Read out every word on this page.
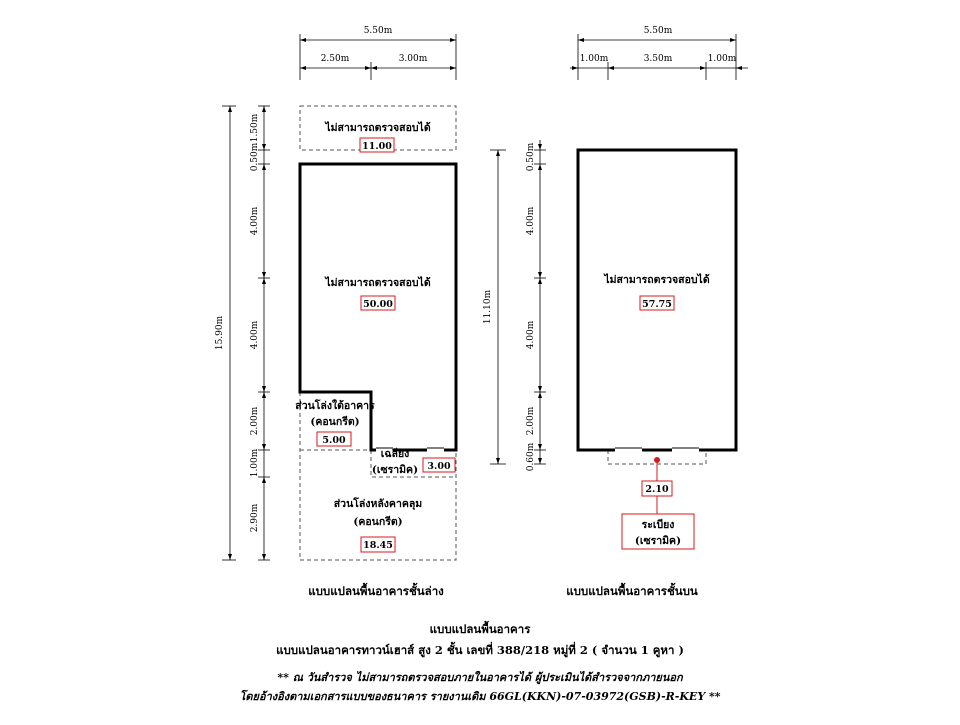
5.50m
2.50m	3.00m
15.90m
1.50m
0.50m
4.00m
4.00m
2.00m
1.00m
2.90m
ไม่สามารถตรวจสอบได้
11.00
ไม่สามารถตรวจสอบได้
50.00
ส่วนโล่งใต้อาคาร
(คอนกรีต)
5.00
เฉลียง
(เซรามิค) 3.00
ส่วนโล่งหลังคาคลุม
(คอนกรีต)
18.45
แบบแปลนพื้นอาคารชั้นล่าง
5.50m
1.00m	3.50m	1.00m
11.10m
0.50m
4.00m
4.00m
2.00m
0.60m
ไม่สามารถตรวจสอบได้
57.75
2.10
ระเบียง
(เซรามิค)
แบบแปลนพื้นอาคารชั้นบน
แบบแปลนพื้นอาคาร
แบบแปลนอาคารทาวน์เฮาส์ สูง 2 ชั้น เลขที่ 388/218 หมู่ที่ 2 ( จำนวน 1 คูหา )
** ณ วันสำรวจ ไม่สามารถตรวจสอบภายในอาคารได้ ผู้ประเมินได้สำรวจจากภายนอก
โดยอ้างอิงตามเอกสารแบบของธนาคาร รายงานเดิม 66GL(KKN)-07-03972(GSB)-R-KEY **
